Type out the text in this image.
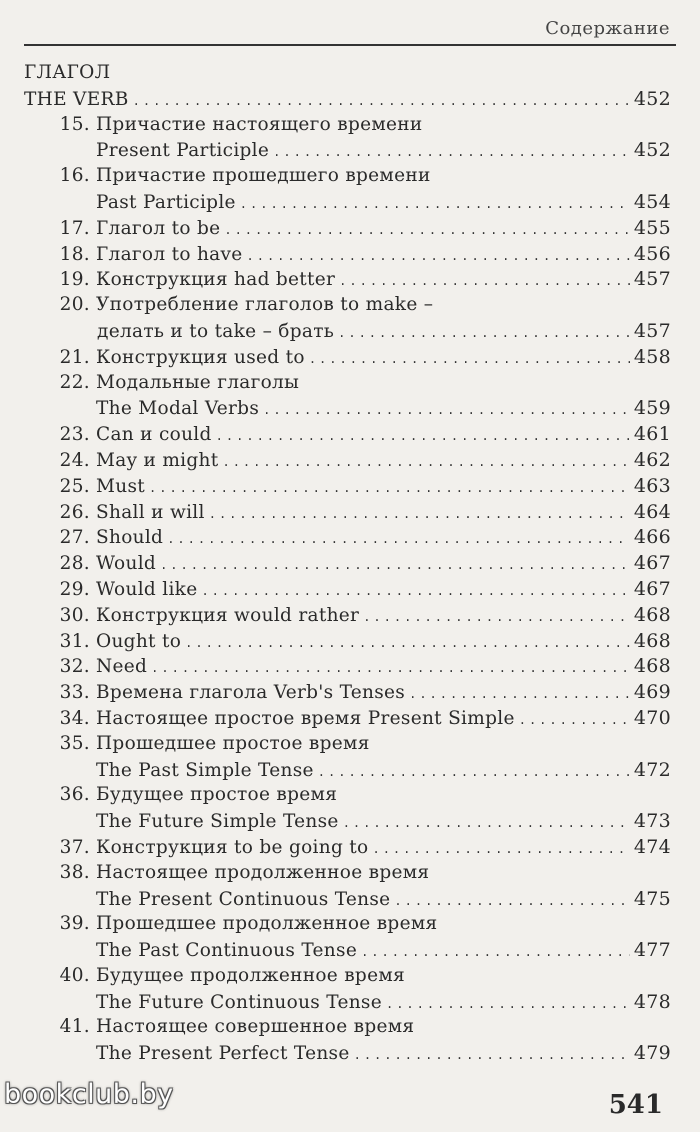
Содержание
ГЛАГОЛ
THE VERB .....	452
15. Причастие настоящего времени
Present Participle .....	452
16. Причастие прошедшего времени
Past Participle .....	454
17. Глагол to be .....	455
18. Глагол to have .....	456
19. Конструкция had better .....	457
20. Употребление глаголов to make –
делать и to take – брать .....	457
21. Конструкция used to .....	458
22. Модальные глаголы
The Modal Verbs .....	459
23. Can и could .....	461
24. May и might .....	462
25. Must .....	463
26. Shall и will .....	464
27. Should .....	466
28. Would .....	467
29. Would like .....	467
30. Конструкция would rather .....	468
31. Ought to .....	468
32. Need .....	468
33. Времена глагола Verb's Tenses .....	469
34. Настоящее простое время Present Simple .....	470
35. Прошедшее простое время
The Past Simple Tense .....	472
36. Будущее простое время
The Future Simple Tense .....	473
37. Конструкция to be going to .....	474
38. Настоящее продолженное время
The Present Continuous Tense .....	475
39. Прошедшее продолженное время
The Past Continuous Tense .....	477
40. Будущее продолженное время
The Future Continuous Tense .....	478
41. Настоящее совершенное время
The Present Perfect Tense .....	479
bookclub.by	541
